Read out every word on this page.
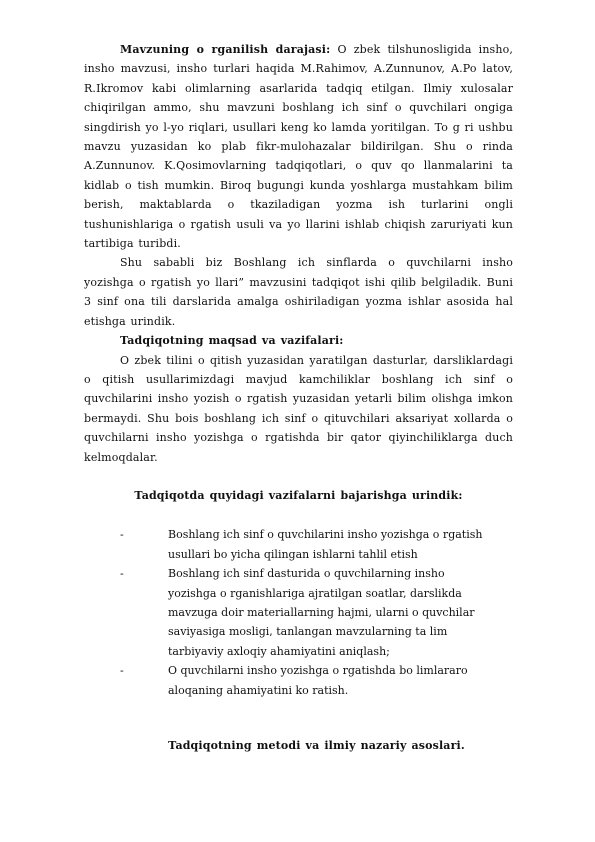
Mavzuning o rganilish darajasi: O zbek tilshunosligida insho, insho mavzusi, insho turlari haqida M.Rahimov, A.Zunnunov, A.Po latov, R.Ikromov kabi olimlarning asarlarida tadqiq etilgan. Ilmiy xulosalar chiqirilgan ammo, shu mavzuni boshlang ich sinf o quvchilari ongiga singdirish yo l-yo riqlari, usullari keng ko lamda yoritilgan. To g ri ushbu mavzu yuzasidan ko plab fikr-mulohazalar bildirilgan. Shu o rinda A.Zunnunov. K.Qosimovlarning tadqiqotlari, o quv qo llanmalarini ta kidlab o tish mumkin. Biroq bugungi kunda yoshlarga mustahkam bilim berish, maktablarda o tkaziladigan yozma ish turlarini ongli tushunishlariga o rgatish usuli va yo llarini ishlab chiqish zaruriyati kun tartibiga turibdi.

Shu sababli biz Boshlang ich sinflarda o quvchilarni insho yozishga o rgatish yo llari” mavzusini tadqiqot ishi qilib belgiladik. Buni 3 sinf ona tili darslarida amalga oshiriladigan yozma ishlar asosida hal etishga urindik.

Tadqiqotning maqsad va vazifalari:

O zbek tilini o qitish yuzasidan yaratilgan dasturlar, darsliklardagi o qitish usullarimizdagi mavjud kamchiliklar boshlang ich sinf o quvchilarini insho yozish o rgatish yuzasidan yetarli bilim olishga imkon bermaydi. Shu bois boshlang ich sinf o qituvchilari aksariyat xollarda o quvchilarni insho yozishga o rgatishda bir qator qiyinchiliklarga duch kelmoqdalar.

Tadqiqotda quyidagi vazifalarni bajarishga urindik:

-	Boshlang ich sinf o quvchilarini insho yozishga o rgatish usullari bo yicha qilingan ishlarni tahlil etish
-	Boshlang ich sinf dasturida o quvchilarning insho yozishga o rganishlariga ajratilgan soatlar, darslikda mavzuga doir materiallarning hajmi, ularni o quvchilar saviyasiga mosligi, tanlangan mavzularning ta lim tarbiyaviy axloqiy ahamiyatini aniqlash;
-	O quvchilarni insho yozishga o rgatishda bo limlararo aloqaning ahamiyatini ko ratish.

Tadqiqotning metodi va ilmiy nazariy asoslari.
